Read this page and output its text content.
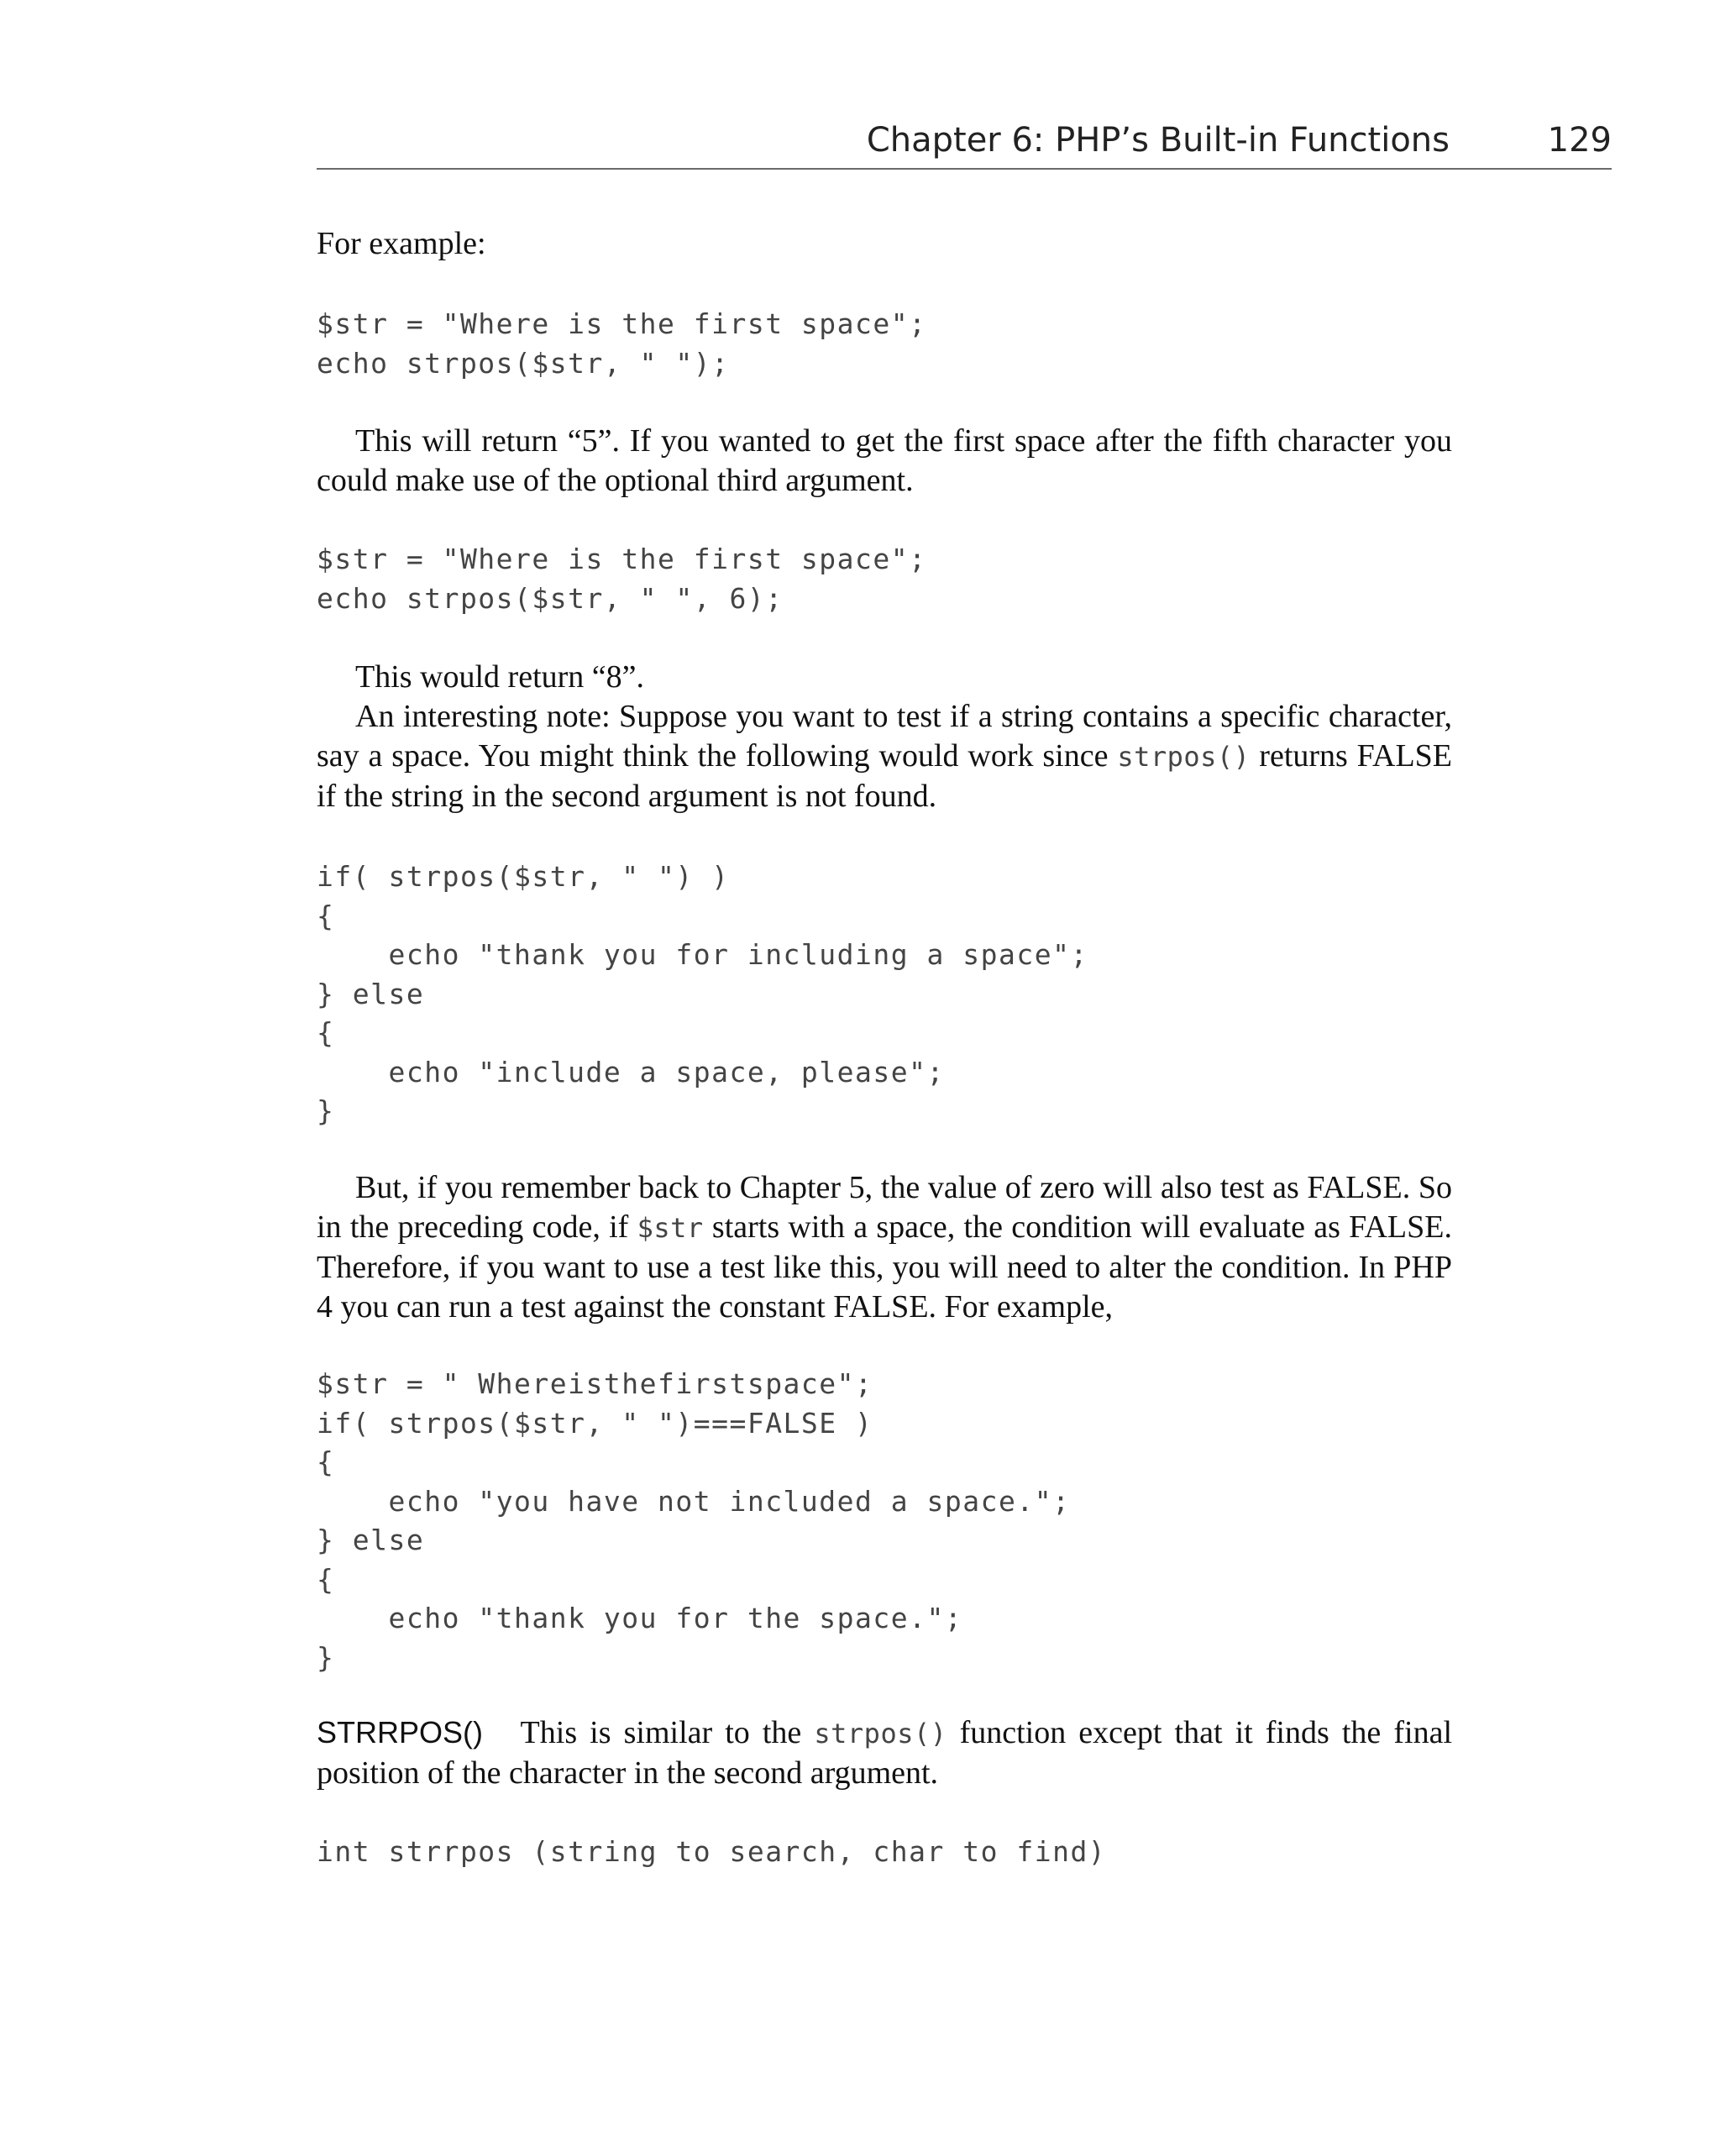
Chapter 6: PHP’s Built-in Functions	129
For example:
$str = "Where is the first space";
echo strpos($str, " ");
This will return “5”. If you wanted to get the first space after the fifth character you could make use of the optional third argument.
$str = "Where is the first space";
echo strpos($str, " ", 6);
This would return “8”.
An interesting note: Suppose you want to test if a string contains a specific character, say a space. You might think the following would work since strpos() returns FALSE if the string in the second argument is not found.
if( strpos($str, " ") )
{
echo "thank you for including a space";
} else
{
echo "include a space, please";
}
But, if you remember back to Chapter 5, the value of zero will also test as FALSE. So in the preceding code, if $str starts with a space, the condition will evaluate as FALSE. Therefore, if you want to use a test like this, you will need to alter the condition. In PHP 4 you can run a test against the constant FALSE. For example,
$str = " Whereisthefirstspace";
if( strpos($str, " ")===FALSE )
{
echo "you have not included a space.";
} else
{
echo "thank you for the space.";
}
STRRPOS()   This is similar to the strpos() function except that it finds the final position of the character in the second argument.
int strrpos (string to search, char to find)
